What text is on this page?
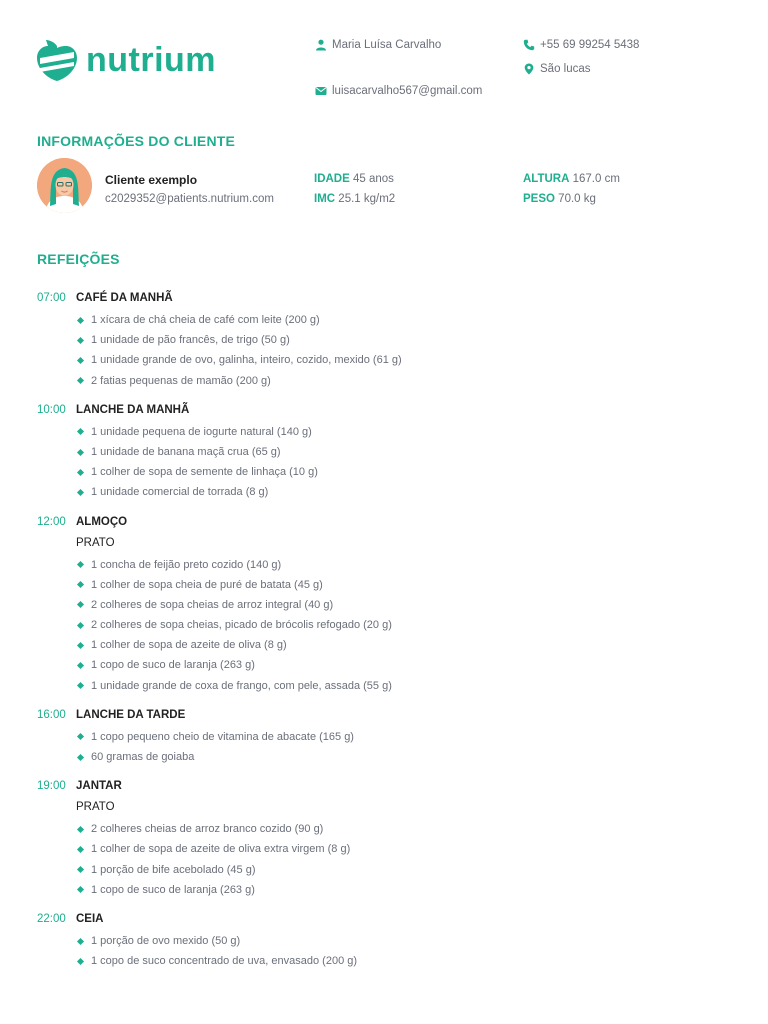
nutrium	Maria Luísa Carvalho
luisacarvalho567@gmail.com
+55 69 99254 5438
São lucas
INFORMAÇÕES DO CLIENTE
Cliente exemplo
c2029352@patients.nutrium.com
IDADE 45 anos
IMC 25.1 kg/m2
ALTURA 167.0 cm
PESO 70.0 kg
REFEIÇÕES
07:00 CAFÉ DA MANHÃ
1 xícara de chá cheia de café com leite (200 g)
1 unidade de pão francês, de trigo (50 g)
1 unidade grande de ovo, galinha, inteiro, cozido, mexido (61 g)
2 fatias pequenas de mamão (200 g)
10:00 LANCHE DA MANHÃ
1 unidade pequena de iogurte natural (140 g)
1 unidade de banana maçã crua (65 g)
1 colher de sopa de semente de linhaça (10 g)
1 unidade comercial de torrada (8 g)
12:00 ALMOÇO
PRATO
1 concha de feijão preto cozido (140 g)
1 colher de sopa cheia de puré de batata (45 g)
2 colheres de sopa cheias de arroz integral (40 g)
2 colheres de sopa cheias, picado de brócolis refogado (20 g)
1 colher de sopa de azeite de oliva (8 g)
1 copo de suco de laranja (263 g)
1 unidade grande de coxa de frango, com pele, assada (55 g)
16:00 LANCHE DA TARDE
1 copo pequeno cheio de vitamina de abacate (165 g)
60 gramas de goiaba
19:00 JANTAR
PRATO
2 colheres cheias de arroz branco cozido (90 g)
1 colher de sopa de azeite de oliva extra virgem (8 g)
1 porção de bife acebolado (45 g)
1 copo de suco de laranja (263 g)
22:00 CEIA
1 porção de ovo mexido (50 g)
1 copo de suco concentrado de uva, envasado (200 g)
